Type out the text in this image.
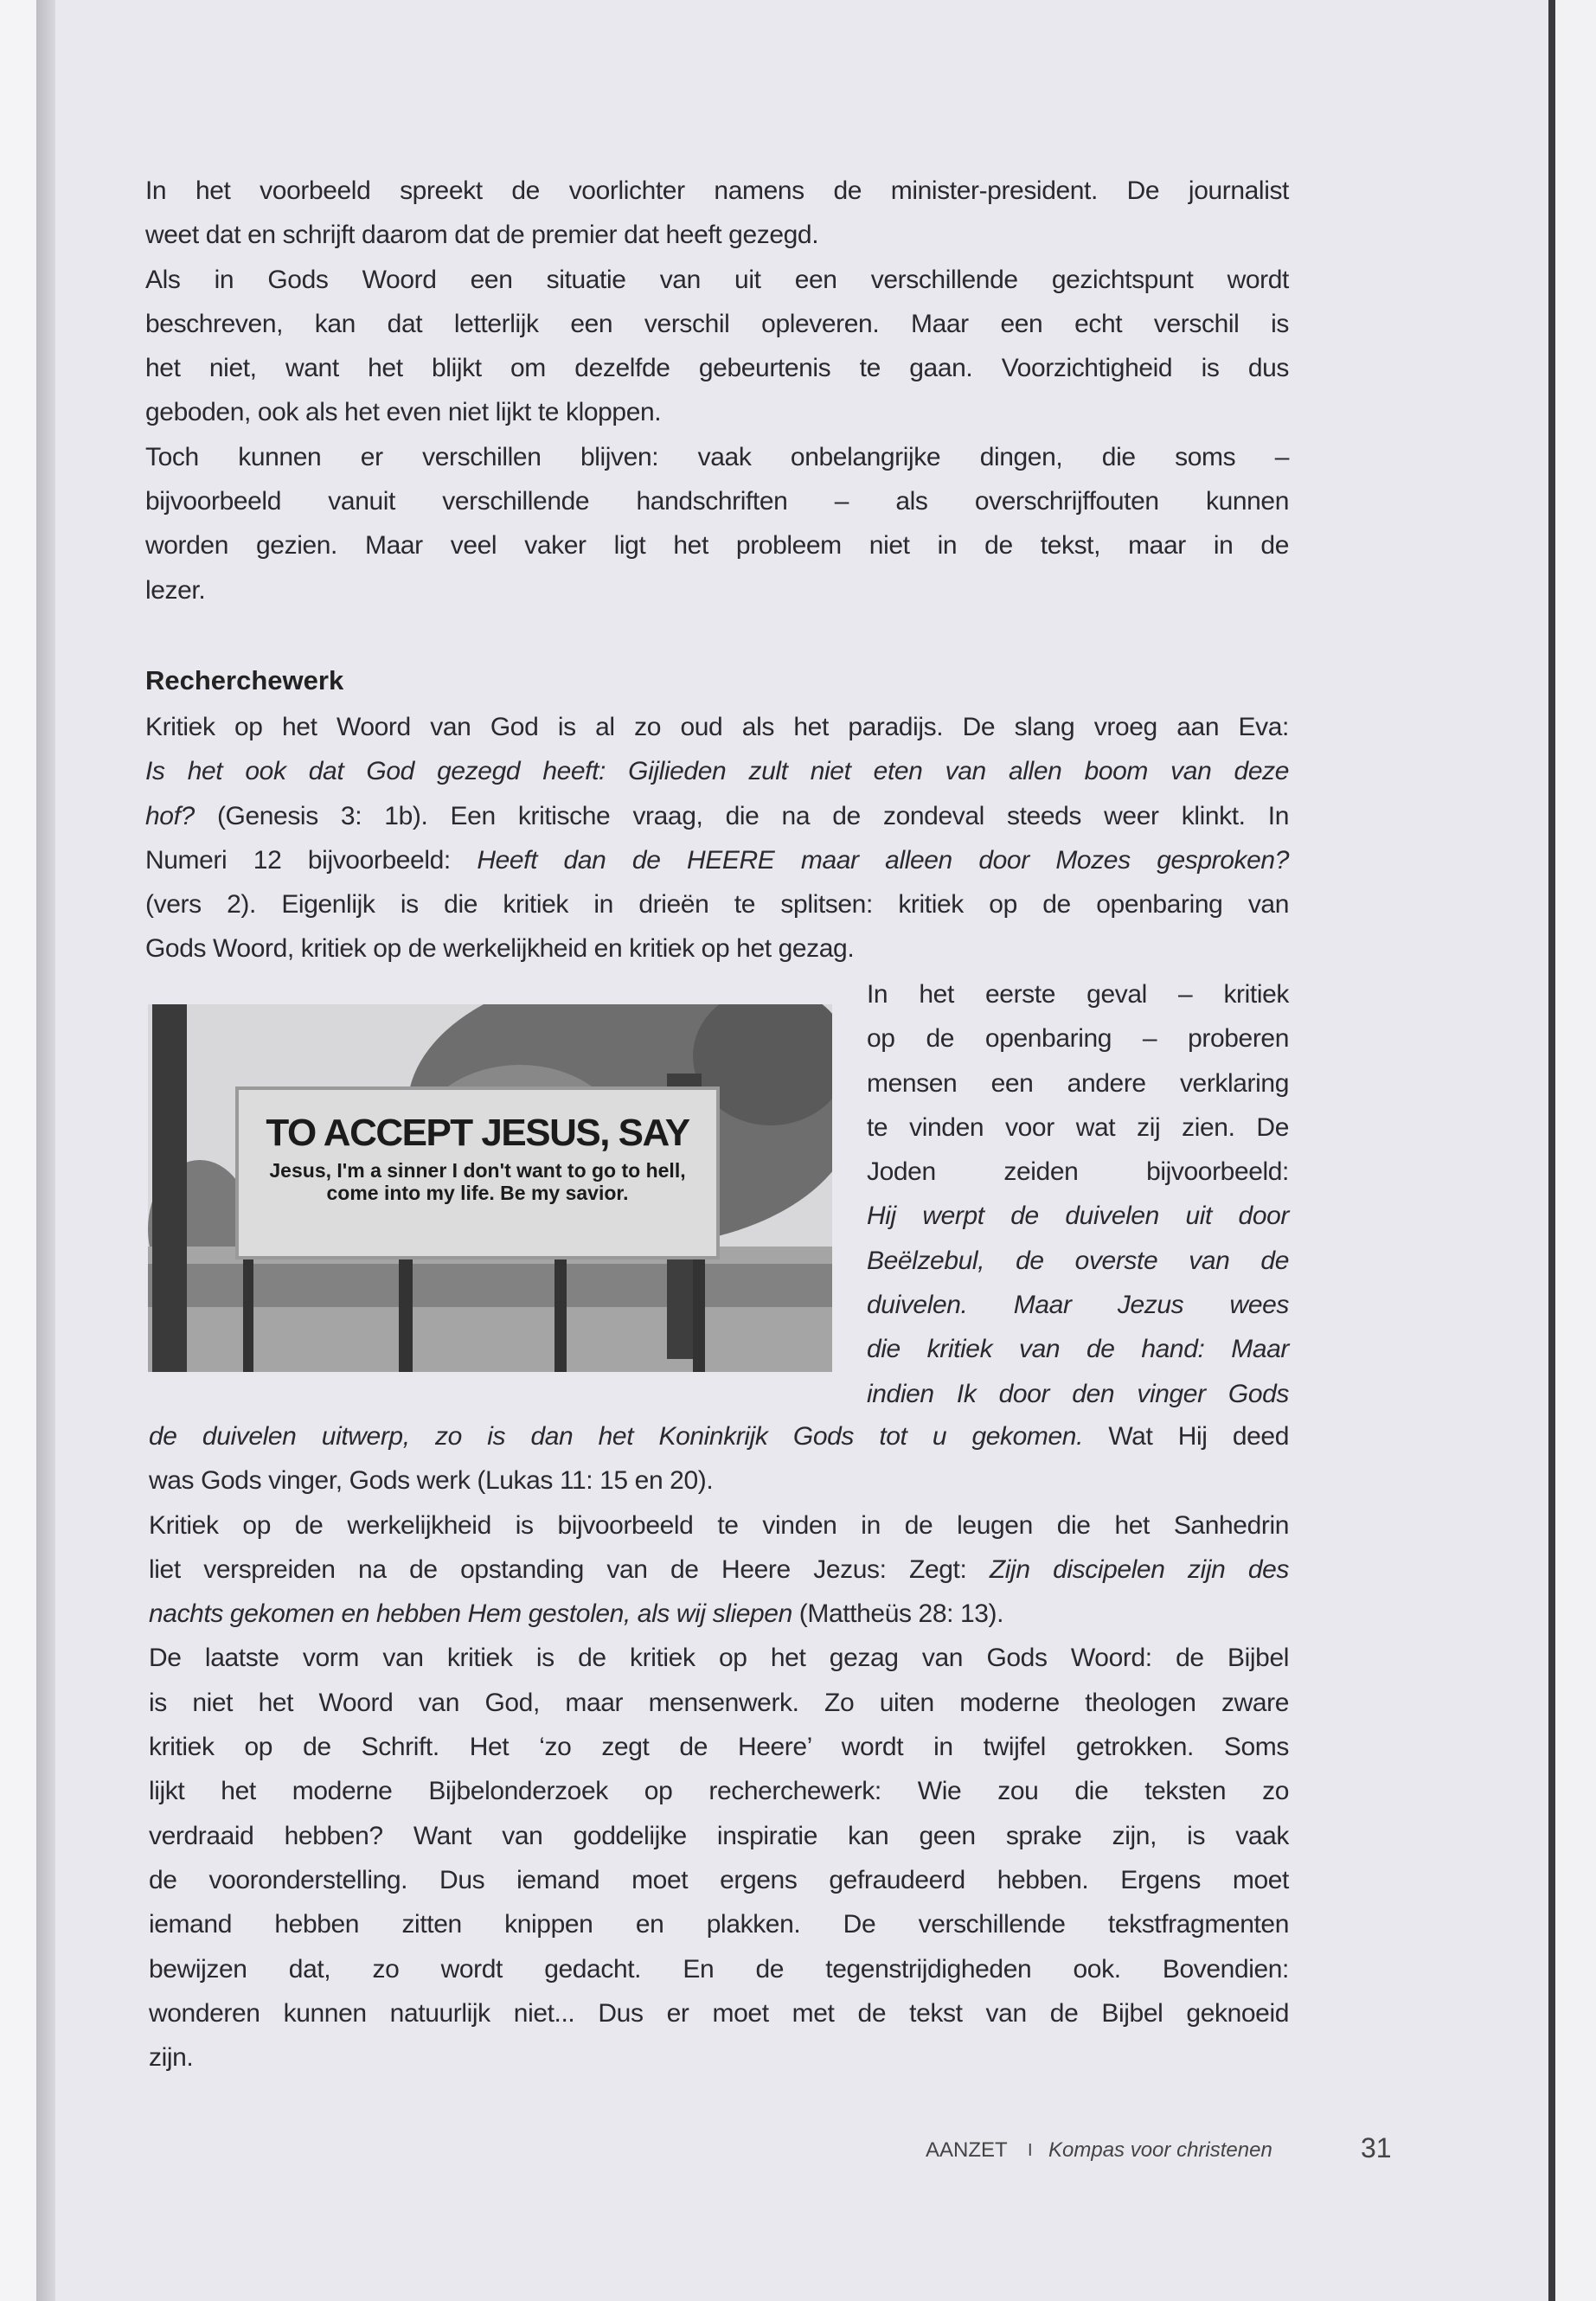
In het voorbeeld spreekt de voorlichter namens de minister-president. De journalist
weet dat en schrijft daarom dat de premier dat heeft gezegd.
Als in Gods Woord een situatie van uit een verschillende gezichtspunt wordt
beschreven, kan dat letterlijk een verschil opleveren. Maar een echt verschil is
het niet, want het blijkt om dezelfde gebeurtenis te gaan. Voorzichtigheid is dus
geboden, ook als het even niet lijkt te kloppen.
Toch kunnen er verschillen blijven: vaak onbelangrijke dingen, die soms –
bijvoorbeeld vanuit verschillende handschriften – als overschrijffouten kunnen
worden gezien. Maar veel vaker ligt het probleem niet in de tekst, maar in de
lezer.
Recherchewerk
Kritiek op het Woord van God is al zo oud als het paradijs. De slang vroeg aan Eva:
Is het ook dat God gezegd heeft: Gijlieden zult niet eten van allen boom van deze
hof? (Genesis 3: 1b). Een kritische vraag, die na de zondeval steeds weer klinkt. In
Numeri 12 bijvoorbeeld: Heeft dan de HEERE maar alleen door Mozes gesproken?
(vers 2). Eigenlijk is die kritiek in drieën te splitsen: kritiek op de openbaring van
Gods Woord, kritiek op de werkelijkheid en kritiek op het gezag.
TO ACCEPT JESUS, SAY
Jesus, I'm a sinner I don't want to go to hell, come into my life. Be my savior.
In het eerste geval – kritiek
op de openbaring – proberen
mensen een andere verklaring
te vinden voor wat zij zien. De
Joden zeiden bijvoorbeeld:
Hij werpt de duivelen uit door
Beëlzebul, de overste van de
duivelen. Maar Jezus wees
die kritiek van de hand: Maar
indien Ik door den vinger Gods
de duivelen uitwerp, zo is dan het Koninkrijk Gods tot u gekomen. Wat Hij deed
was Gods vinger, Gods werk (Lukas 11: 15 en 20).
Kritiek op de werkelijkheid is bijvoorbeeld te vinden in de leugen die het Sanhedrin
liet verspreiden na de opstanding van de Heere Jezus: Zegt: Zijn discipelen zijn des
nachts gekomen en hebben Hem gestolen, als wij sliepen (Mattheüs 28: 13).
De laatste vorm van kritiek is de kritiek op het gezag van Gods Woord: de Bijbel
is niet het Woord van God, maar mensenwerk. Zo uiten moderne theologen zware
kritiek op de Schrift. Het ‘zo zegt de Heere’ wordt in twijfel getrokken. Soms
lijkt het moderne Bijbelonderzoek op recherchewerk: Wie zou die teksten zo
verdraaid hebben? Want van goddelijke inspiratie kan geen sprake zijn, is vaak
de vooronderstelling. Dus iemand moet ergens gefraudeerd hebben. Ergens moet
iemand hebben zitten knippen en plakken. De verschillende tekstfragmenten
bewijzen dat, zo wordt gedacht. En de tegenstrijdigheden ook. Bovendien:
wonderen kunnen natuurlijk niet... Dus er moet met de tekst van de Bijbel geknoeid
zijn.
AANZET I Kompas voor christenen	31
